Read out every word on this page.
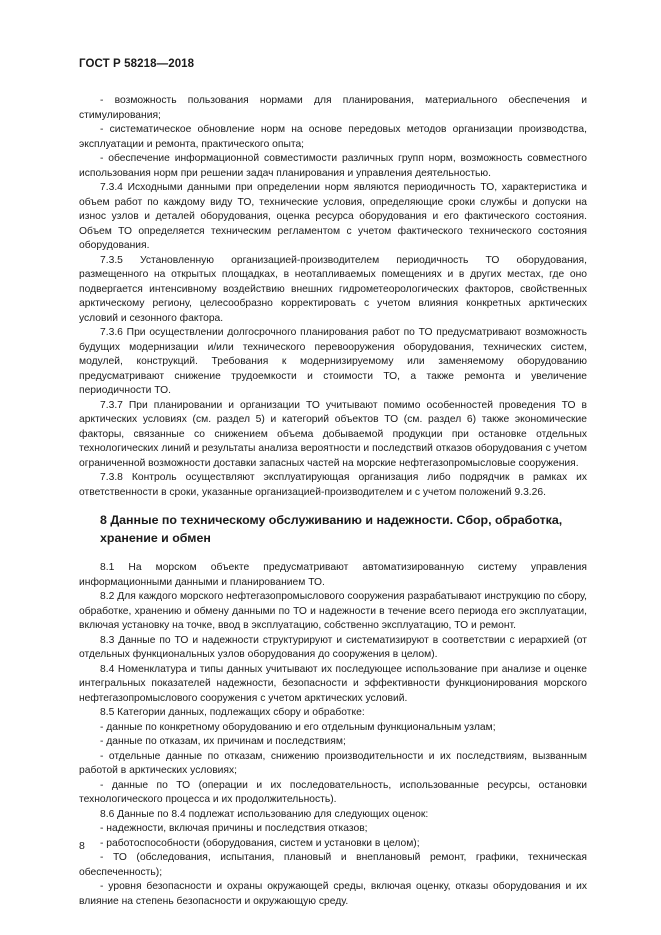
ГОСТ Р 58218—2018

- возможность пользования нормами для планирования, материального обеспечения и стимулирования;

- систематическое обновление норм на основе передовых методов организации производства, эксплуатации и ремонта, практического опыта;

- обеспечение информационной совместимости различных групп норм, возможность совместного использования норм при решении задач планирования и управления деятельностью.

7.3.4 Исходными данными при определении норм являются периодичность ТО, характеристика и объем работ по каждому виду ТО, технические условия, определяющие сроки службы и допуски на износ узлов и деталей оборудования, оценка ресурса оборудования и его фактического состояния. Объем ТО определяется техническим регламентом с учетом фактического технического состояния оборудования.

7.3.5 Установленную организацией-производителем периодичность ТО оборудования, размещенного на открытых площадках, в неотапливаемых помещениях и в других местах, где оно подвергается интенсивному воздействию внешних гидрометеорологических факторов, свойственных арктическому региону, целесообразно корректировать с учетом влияния конкретных арктических условий и сезонного фактора.

7.3.6 При осуществлении долгосрочного планирования работ по ТО предусматривают возможность будущих модернизации и/или технического перевооружения оборудования, технических систем, модулей, конструкций. Требования к модернизируемому или заменяемому оборудованию предусматривают снижение трудоемкости и стоимости ТО, а также ремонта и увеличение периодичности ТО.

7.3.7 При планировании и организации ТО учитывают помимо особенностей проведения ТО в арктических условиях (см. раздел 5) и категорий объектов ТО (см. раздел 6) также экономические факторы, связанные со снижением объема добываемой продукции при остановке отдельных технологических линий и результаты анализа вероятности и последствий отказов оборудования с учетом ограниченной возможности доставки запасных частей на морские нефтегазопромысловые сооружения.

7.3.8 Контроль осуществляют эксплуатирующая организация либо подрядчик в рамках их ответственности в сроки, указанные организацией-производителем и с учетом положений 9.3.26.

8 Данные по техническому обслуживанию и надежности. Сбор, обработка,
хранение и обмен

8.1 На морском объекте предусматривают автоматизированную систему управления информационными данными и планированием ТО.

8.2 Для каждого морского нефтегазопромыслового сооружения разрабатывают инструкцию по сбору, обработке, хранению и обмену данными по ТО и надежности в течение всего периода его эксплуатации, включая установку на точке, ввод в эксплуатацию, собственно эксплуатацию, ТО и ремонт.

8.3 Данные по ТО и надежности структурируют и систематизируют в соответствии с иерархией (от отдельных функциональных узлов оборудования до сооружения в целом).

8.4 Номенклатура и типы данных учитывают их последующее использование при анализе и оценке интегральных показателей надежности, безопасности и эффективности функционирования морского нефтегазопромыслового сооружения с учетом арктических условий.

8.5 Категории данных, подлежащих сбору и обработке:

- данные по конкретному оборудованию и его отдельным функциональным узлам;

- данные по отказам, их причинам и последствиям;

- отдельные данные по отказам, снижению производительности и их последствиям, вызванным работой в арктических условиях;

- данные по ТО (операции и их последовательность, использованные ресурсы, остановки технологического процесса и их продолжительность).

8.6 Данные по 8.4 подлежат использованию для следующих оценок:

- надежности, включая причины и последствия отказов;

- работоспособности (оборудования, систем и установки в целом);

- ТО (обследования, испытания, плановый и внеплановый ремонт, графики, техническая обеспеченность);

- уровня безопасности и охраны окружающей среды, включая оценку, отказы оборудования и их влияние на степень безопасности и окружающую среду.

8
